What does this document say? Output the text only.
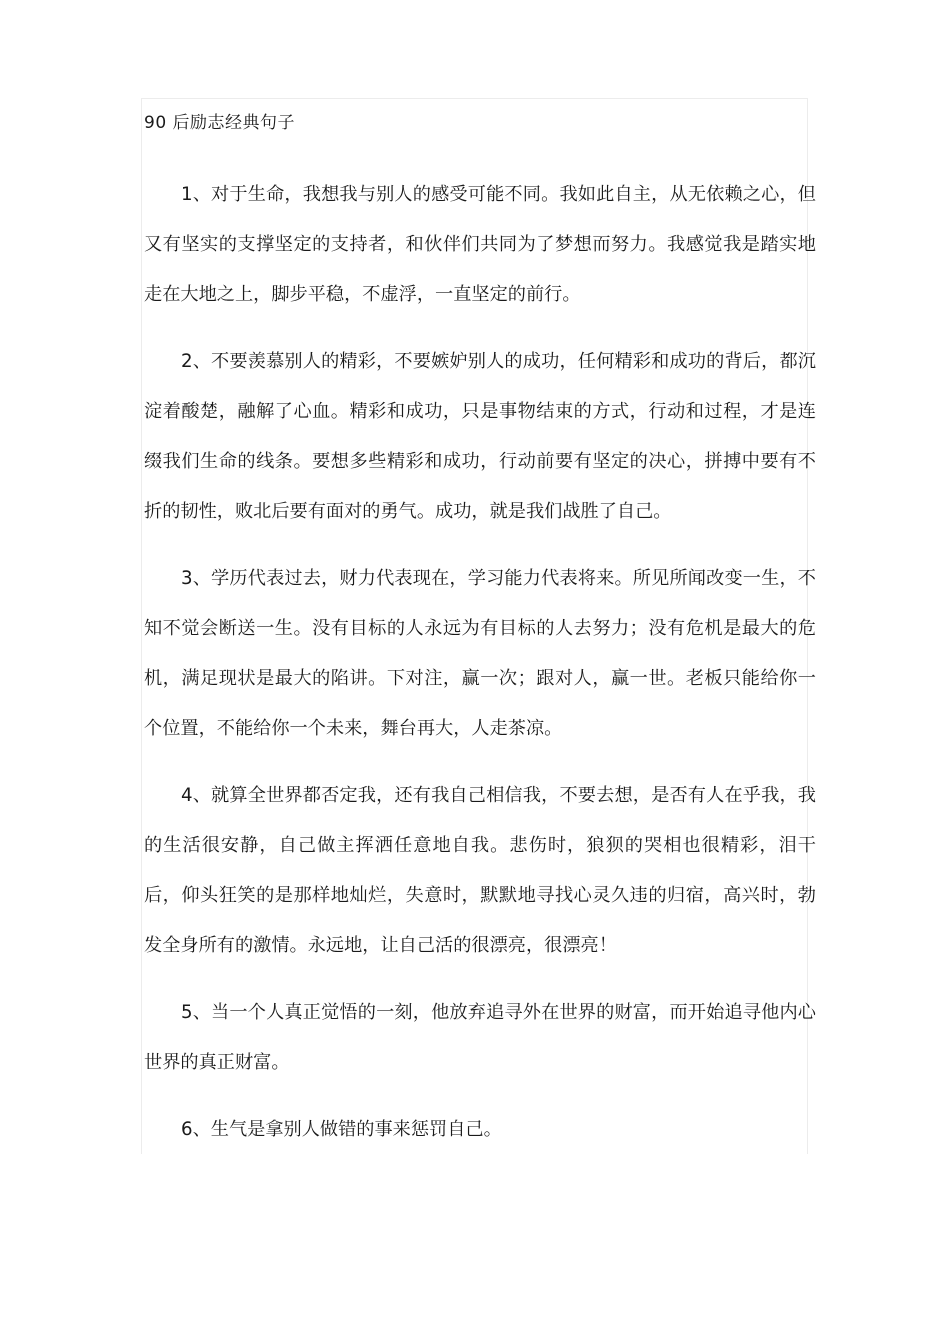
90 后励志经典句子

1、对于生命，我想我与别人的感受可能不同。我如此自主，从无依赖之心，但又有坚实的支撑坚定的支持者，和伙伴们共同为了梦想而努力。我感觉我是踏实地走在大地之上，脚步平稳，不虚浮，一直坚定的前行。

2、不要羡慕别人的精彩，不要嫉妒别人的成功，任何精彩和成功的背后，都沉淀着酸楚，融解了心血。精彩和成功，只是事物结束的方式，行动和过程，才是连缀我们生命的线条。要想多些精彩和成功，行动前要有坚定的决心，拼搏中要有不折的韧性，败北后要有面对的勇气。成功，就是我们战胜了自己。

3、学历代表过去，财力代表现在，学习能力代表将来。所见所闻改变一生，不知不觉会断送一生。没有目标的人永远为有目标的人去努力；没有危机是最大的危机，满足现状是最大的陷讲。下对注，赢一次；跟对人，赢一世。老板只能给你一个位置，不能给你一个未来，舞台再大，人走茶凉。

4、就算全世界都否定我，还有我自己相信我，不要去想，是否有人在乎我，我的生活很安静，自己做主挥洒任意地自我。悲伤时，狼狈的哭相也很精彩，泪干后，仰头狂笑的是那样地灿烂，失意时，默默地寻找心灵久违的归宿，高兴时，勃发全身所有的激情。永远地，让自己活的很漂亮，很漂亮！

5、当一个人真正觉悟的一刻，他放弃追寻外在世界的财富，而开始追寻他内心世界的真正财富。

6、生气是拿别人做错的事来惩罚自己。
